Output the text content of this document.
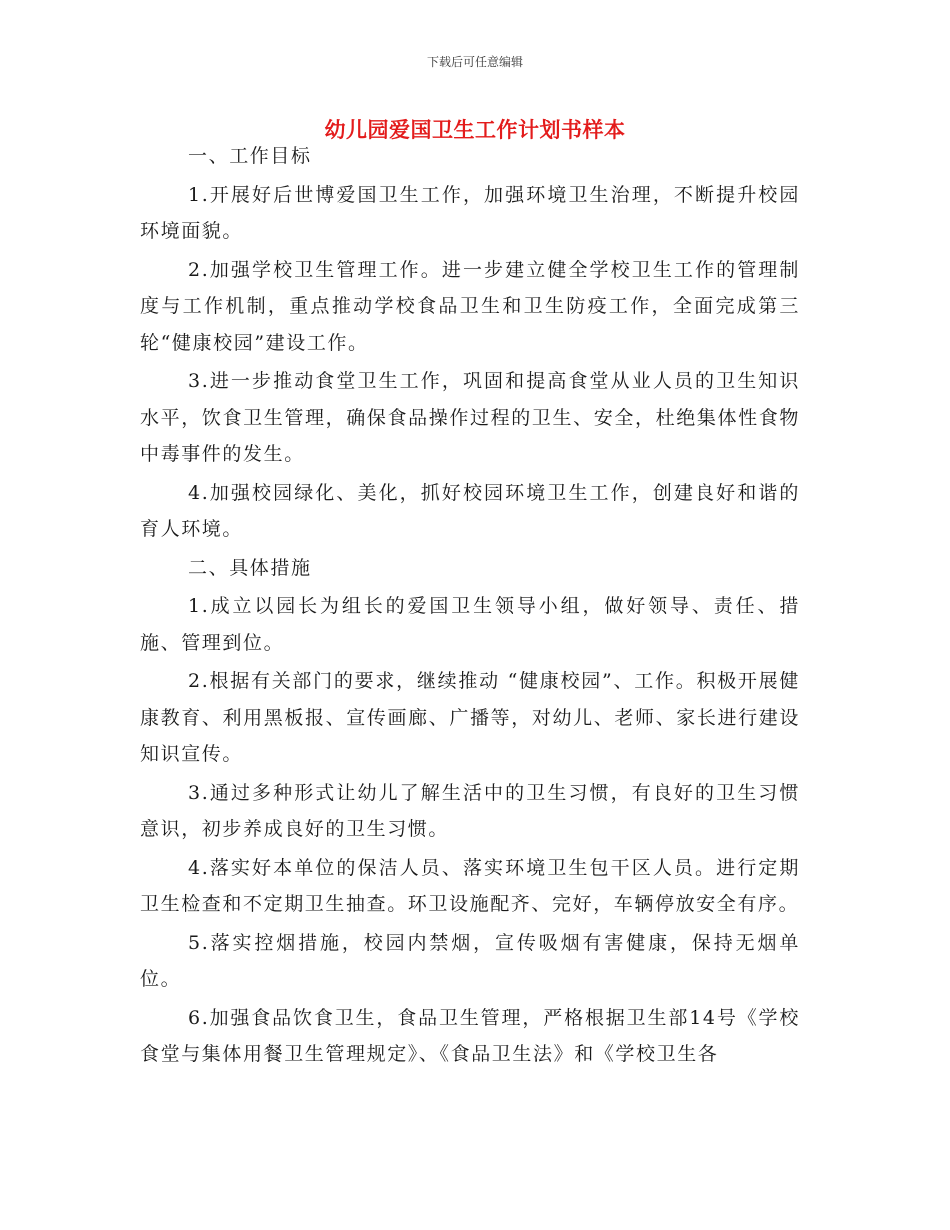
下载后可任意编辑
幼儿园爱国卫生工作计划书样本

一、工作目标

1.开展好后世博爱国卫生工作，加强环境卫生治理，不断提升校园环境面貌。

2.加强学校卫生管理工作。进一步建立健全学校卫生工作的管理制度与工作机制，重点推动学校食品卫生和卫生防疫工作，全面完成第三轮“健康校园”建设工作。

3.进一步推动食堂卫生工作，巩固和提高食堂从业人员的卫生知识水平，饮食卫生管理，确保食品操作过程的卫生、安全，杜绝集体性食物中毒事件的发生。

4.加强校园绿化、美化，抓好校园环境卫生工作，创建良好和谐的育人环境。

二、具体措施

1.成立以园长为组长的爱国卫生领导小组，做好领导、责任、措施、管理到位。

2.根据有关部门的要求，继续推动 “健康校园”、工作。积极开展健康教育、利用黑板报、宣传画廊、广播等，对幼儿、老师、家长进行建设知识宣传。

3.通过多种形式让幼儿了解生活中的卫生习惯，有良好的卫生习惯意识，初步养成良好的卫生习惯。

4.落实好本单位的保洁人员、落实环境卫生包干区人员。进行定期卫生检查和不定期卫生抽查。环卫设施配齐、完好，车辆停放安全有序。

5.落实控烟措施，校园内禁烟，宣传吸烟有害健康，保持无烟单位。

6.加强食品饮食卫生，食品卫生管理，严格根据卫生部14号《学校食堂与集体用餐卫生管理规定》、《食品卫生法》和《学校卫生各
